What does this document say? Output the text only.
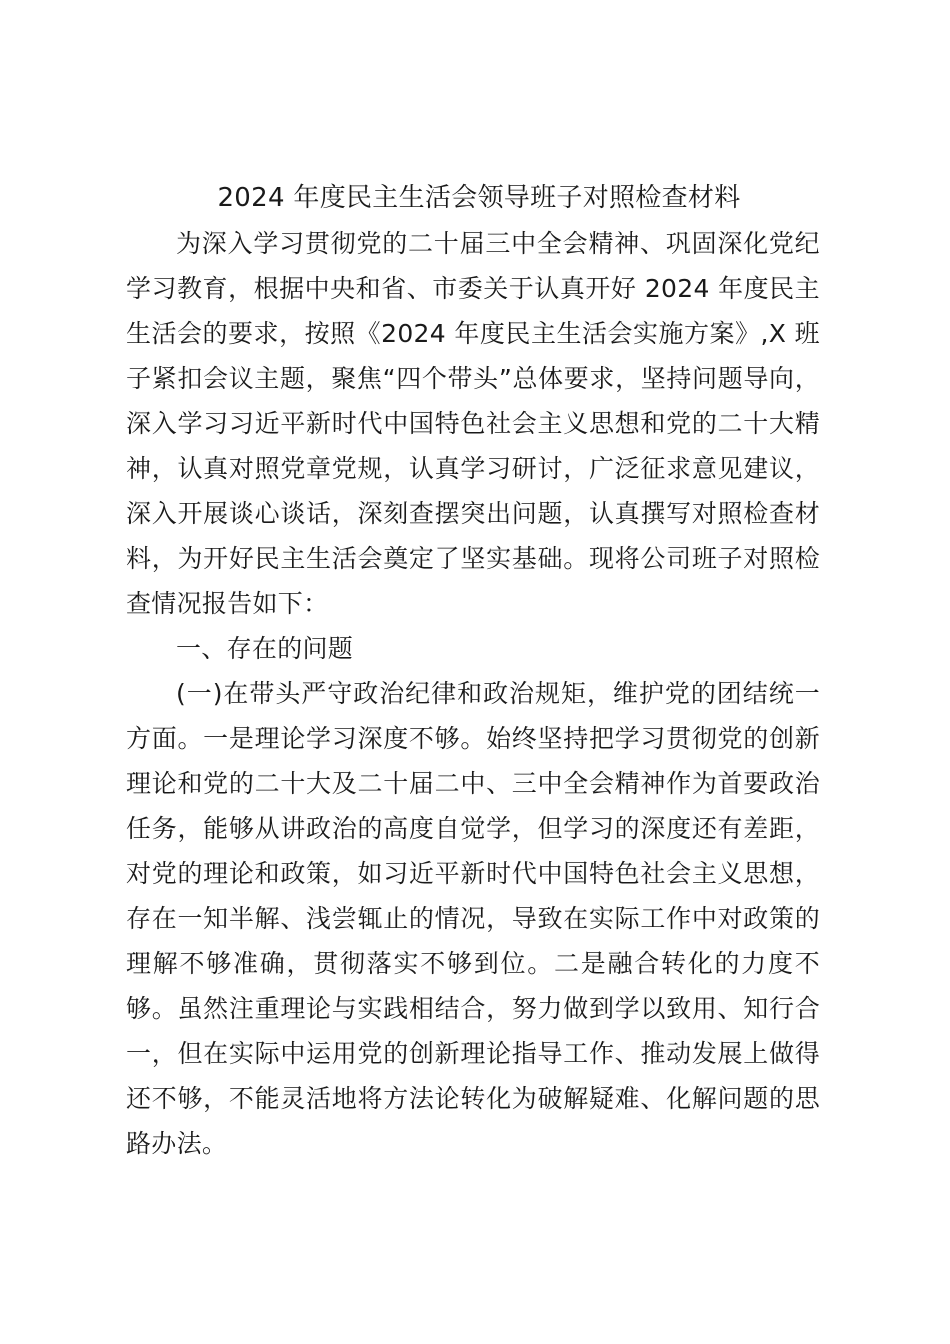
2024 年度民主生活会领导班子对照检查材料

为深入学习贯彻党的二十届三中全会精神、巩固深化党纪学习教育，根据中央和省、市委关于认真开好 2024 年度民主生活会的要求，按照《2024 年度民主生活会实施方案》,X 班子紧扣会议主题，聚焦“四个带头”总体要求，坚持问题导向，深入学习习近平新时代中国特色社会主义思想和党的二十大精神，认真对照党章党规，认真学习研讨，广泛征求意见建议，深入开展谈心谈话，深刻查摆突出问题，认真撰写对照检查材料，为开好民主生活会奠定了坚实基础。现将公司班子对照检查情况报告如下：

一、存在的问题

(一)在带头严守政治纪律和政治规矩，维护党的团结统一方面。一是理论学习深度不够。始终坚持把学习贯彻党的创新理论和党的二十大及二十届二中、三中全会精神作为首要政治任务，能够从讲政治的高度自觉学，但学习的深度还有差距，对党的理论和政策，如习近平新时代中国特色社会主义思想，存在一知半解、浅尝辄止的情况，导致在实际工作中对政策的理解不够准确，贯彻落实不够到位。二是融合转化的力度不够。虽然注重理论与实践相结合，努力做到学以致用、知行合一，但在实际中运用党的创新理论指导工作、推动发展上做得还不够，不能灵活地将方法论转化为破解疑难、化解问题的思路办法。
